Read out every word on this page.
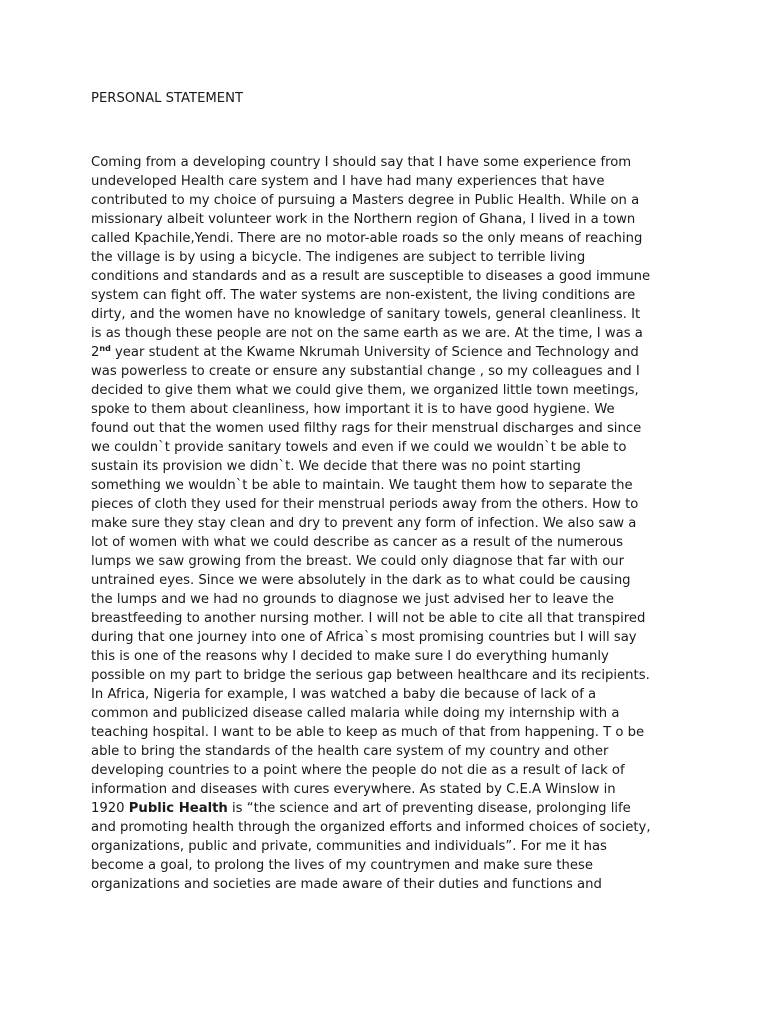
PERSONAL STATEMENT
Coming from a developing country I should say that I have some experience from
undeveloped Health care system and I have had many experiences that have
contributed to my choice of pursuing a Masters degree in Public Health. While on a
missionary albeit volunteer work in the Northern region of Ghana, I lived in a town
called Kpachile,Yendi. There are no motor-able roads so the only means of reaching
the village is by using a bicycle. The indigenes are subject to terrible living
conditions and standards and as a result are susceptible to diseases a good immune
system can fight off. The water systems are non-existent, the living conditions are
dirty, and the women have no knowledge of sanitary towels, general cleanliness. It
is as though these people are not on the same earth as we are. At the time, I was a
2nd year student at the Kwame Nkrumah University of Science and Technology and
was powerless to create or ensure any substantial change , so my colleagues and I
decided to give them what we could give them, we organized little town meetings,
spoke to them about cleanliness, how important it is to have good hygiene. We
found out that the women used filthy rags for their menstrual discharges and since
we couldn`t provide sanitary towels and even if we could we wouldn`t be able to
sustain its provision we didn`t. We decide that there was no point starting
something we wouldn`t be able to maintain. We taught them how to separate the
pieces of cloth they used for their menstrual periods away from the others. How to
make sure they stay clean and dry to prevent any form of infection. We also saw a
lot of women with what we could describe as cancer as a result of the numerous
lumps we saw growing from the breast. We could only diagnose that far with our
untrained eyes. Since we were absolutely in the dark as to what could be causing
the lumps and we had no grounds to diagnose we just advised her to leave the
breastfeeding to another nursing mother. I will not be able to cite all that transpired
during that one journey into one of Africa`s most promising countries but I will say
this is one of the reasons why I decided to make sure I do everything humanly
possible on my part to bridge the serious gap between healthcare and its recipients.
In Africa, Nigeria for example, I was watched a baby die because of lack of a
common and publicized disease called malaria while doing my internship with a
teaching hospital. I want to be able to keep as much of that from happening. T o be
able to bring the standards of the health care system of my country and other
developing countries to a point where the people do not die as a result of lack of
information and diseases with cures everywhere. As stated by C.E.A Winslow in
1920 Public Health is “the science and art of preventing disease, prolonging life
and promoting health through the organized efforts and informed choices of society,
organizations, public and private, communities and individuals”. For me it has
become a goal, to prolong the lives of my countrymen and make sure these
organizations and societies are made aware of their duties and functions and
